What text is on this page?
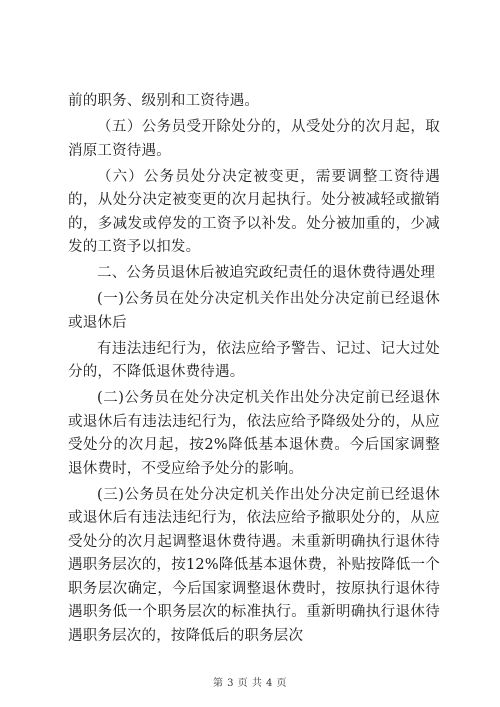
前的职务、级别和工资待遇。

（五）公务员受开除处分的，从受处分的次月起，取消原工资待遇。

（六）公务员处分决定被变更，需要调整工资待遇的，从处分决定被变更的次月起执行。处分被减轻或撤销的，多减发或停发的工资予以补发。处分被加重的，少减发的工资予以扣发。

二、公务员退休后被追究政纪责任的退休费待遇处理

(一)公务员在处分决定机关作出处分决定前已经退休或退休后

有违法违纪行为，依法应给予警告、记过、记大过处分的，不降低退休费待遇。

(二)公务员在处分决定机关作出处分决定前已经退休或退休后有违法违纪行为，依法应给予降级处分的，从应受处分的次月起，按2%降低基本退休费。今后国家调整退休费时，不受应给予处分的影响。

(三)公务员在处分决定机关作出处分决定前已经退休或退休后有违法违纪行为，依法应给予撤职处分的，从应受处分的次月起调整退休费待遇。未重新明确执行退休待遇职务层次的，按12%降低基本退休费，补贴按降低一个职务层次确定，今后国家调整退休费时，按原执行退休待遇职务低一个职务层次的标准执行。重新明确执行退休待遇职务层次的，按降低后的职务层次

第 3 页 共 4 页
